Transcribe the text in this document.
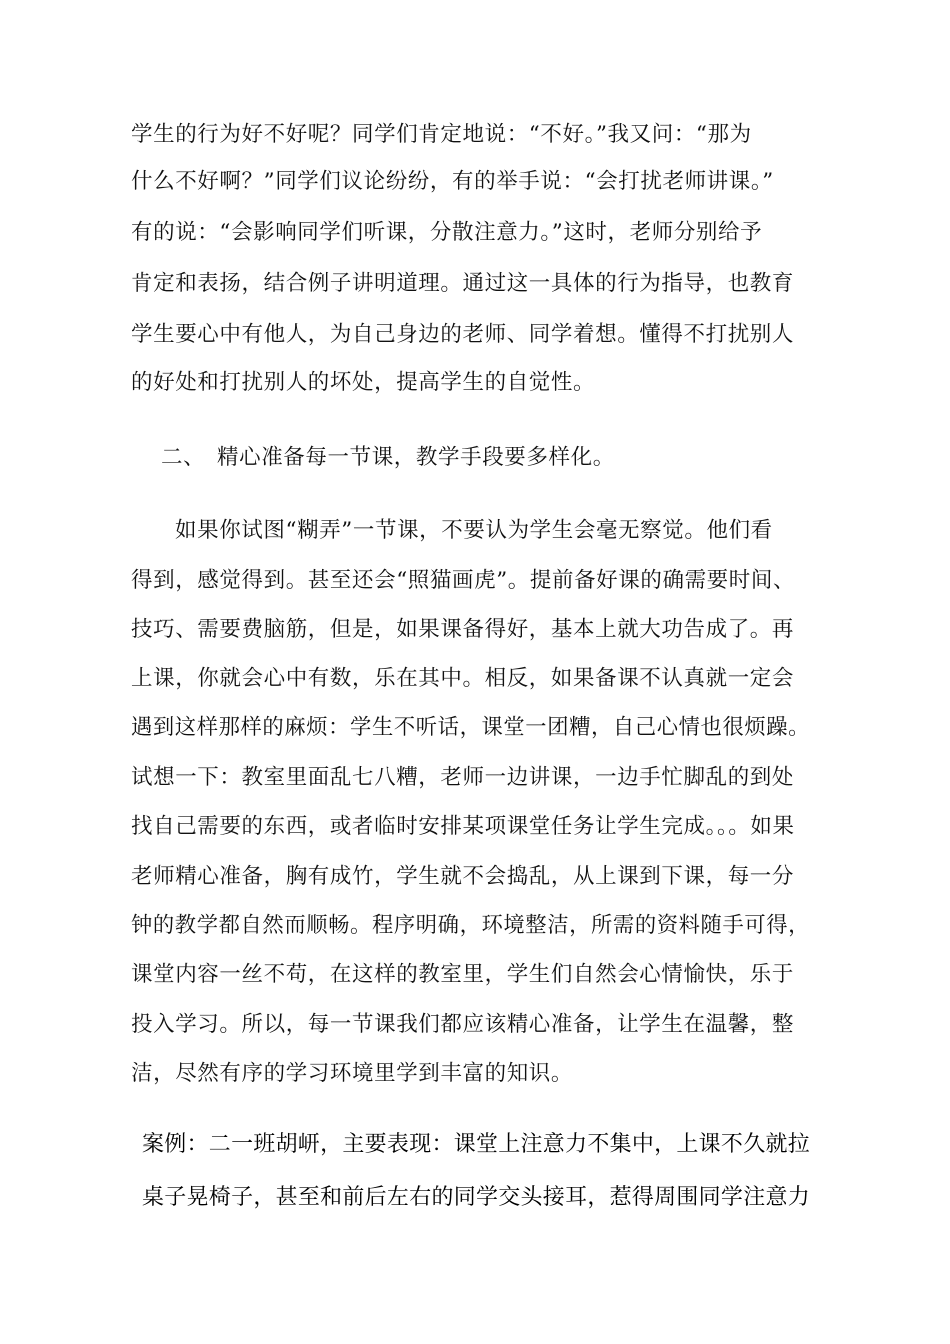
学生的行为好不好呢？同学们肯定地说：“不好。”我又问：“那为
什么不好啊？”同学们议论纷纷，有的举手说：“会打扰老师讲课。”
有的说：“会影响同学们听课，分散注意力。”这时，老师分别给予
肯定和表扬，结合例子讲明道理。通过这一具体的行为指导，也教育
学生要心中有他人，为自己身边的老师、同学着想。懂得不打扰别人
的好处和打扰别人的坏处，提高学生的自觉性。
二、 精心准备每一节课，教学手段要多样化。
如果你试图“糊弄”一节课，不要认为学生会毫无察觉。他们看
得到，感觉得到。甚至还会“照猫画虎”。提前备好课的确需要时间、
技巧、需要费脑筋，但是，如果课备得好，基本上就大功告成了。再
上课，你就会心中有数，乐在其中。相反，如果备课不认真就一定会
遇到这样那样的麻烦：学生不听话，课堂一团糟，自己心情也很烦躁。
试想一下：教室里面乱七八糟，老师一边讲课，一边手忙脚乱的到处
找自己需要的东西，或者临时安排某项课堂任务让学生完成。。。如果
老师精心准备，胸有成竹，学生就不会捣乱，从上课到下课，每一分
钟的教学都自然而顺畅。程序明确，环境整洁，所需的资料随手可得，
课堂内容一丝不苟，在这样的教室里，学生们自然会心情愉快，乐于
投入学习。所以，每一节课我们都应该精心准备，让学生在温馨，整
洁，尽然有序的学习环境里学到丰富的知识。
案例：二一班胡岍，主要表现：课堂上注意力不集中，上课不久就拉
桌子晃椅子，甚至和前后左右的同学交头接耳，惹得周围同学注意力
